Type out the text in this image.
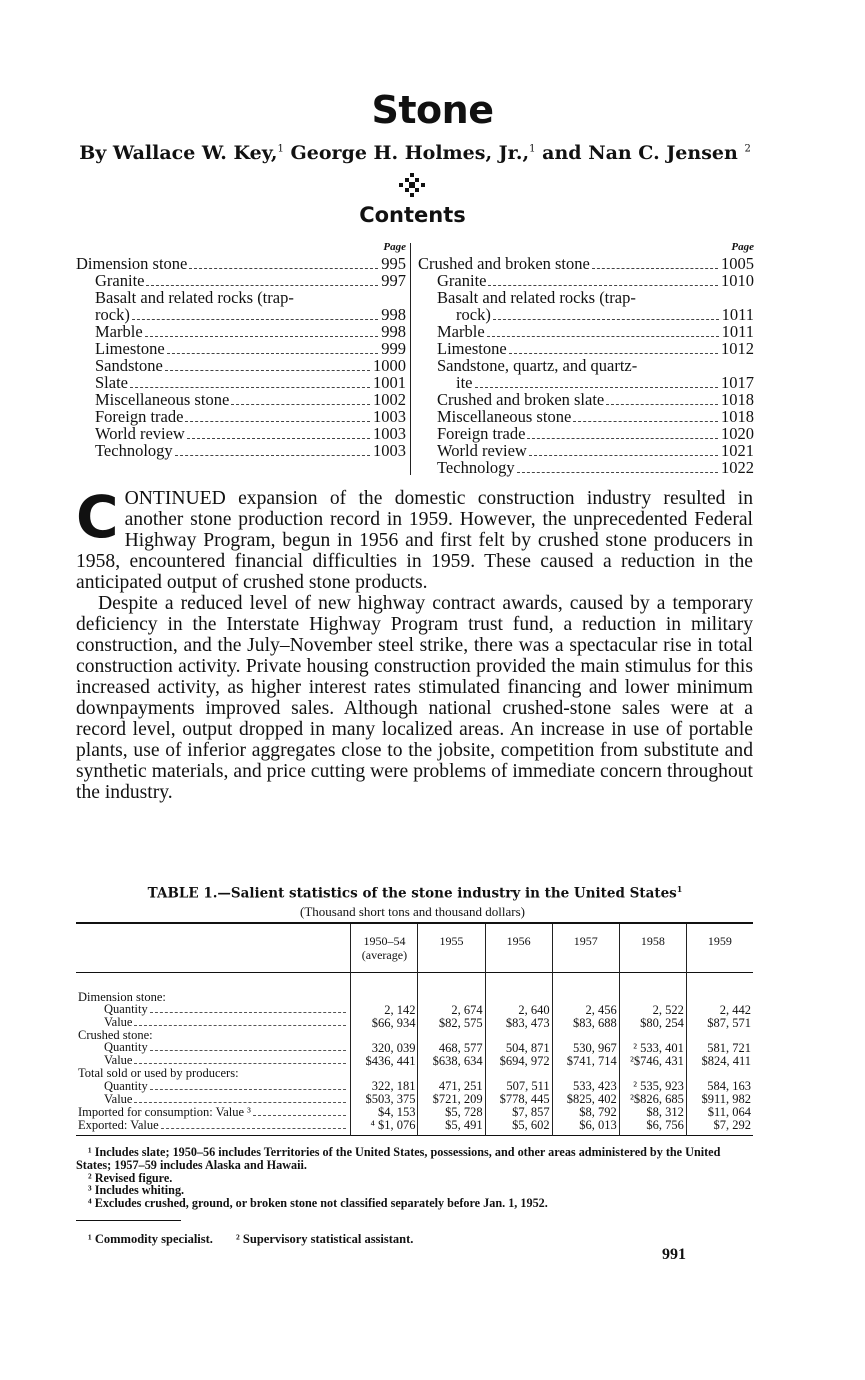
Stone
By Wallace W. Key,$^1$ George H. Holmes, Jr.,$^1$ and Nan C. Jensen $^2$
Contents
Page
Dimension stone	995
Granite	997
Basalt and related rocks (trap-
rock)	998
Marble	998
Limestone	999
Sandstone	1000
Slate	1001
Miscellaneous stone	1002
Foreign trade	1003
World review	1003
Technology	1003
Page
Crushed and broken stone	1005
Granite	1010
Basalt and related rocks (trap-
rock)	1011
Marble	1011
Limestone	1012
Sandstone, quartz, and quartz-
ite	1017
Crushed and broken slate	1018
Miscellaneous stone	1018
Foreign trade	1020
World review	1021
Technology	1022

CONTINUED expansion of the domestic construction industry resulted in another stone production record in 1959. However, the unprecedented Federal Highway Program, begun in 1956 and first felt by crushed stone producers in 1958, encountered financial difficulties in 1959. These caused a reduction in the anticipated output of crushed stone products.

Despite a reduced level of new highway contract awards, caused by a temporary deficiency in the Interstate Highway Program trust fund, a reduction in military construction, and the July–November steel strike, there was a spectacular rise in total construction activity. Private housing construction provided the main stimulus for this increased activity, as higher interest rates stimulated financing and lower minimum downpayments improved sales. Although national crushed-stone sales were at a record level, output dropped in many localized areas. An increase in use of portable plants, use of inferior aggregates close to the jobsite, competition from substitute and synthetic materials, and price cutting were problems of immediate concern throughout the industry.

TABLE 1.—Salient statistics of the stone industry in the United States$^1$
(Thousand short tons and thousand dollars)
	1950–54 (average)	1955	1956	1957	1958	1959

Dimension stone:						

Quantity	2, 142	2, 674	2, 640	2, 456	2, 522	2, 442

Value	$66, 934	$82, 575	$83, 473	$83, 688	$80, 254	$87, 571

Crushed stone:						

Quantity	320, 039	468, 577	504, 871	530, 967	² 533, 401	581, 721

Value	$436, 441	$638, 634	$694, 972	$741, 714	²$746, 431	$824, 411

Total sold or used by producers:						

Quantity	322, 181	471, 251	507, 511	533, 423	² 535, 923	584, 163

Value	$503, 375	$721, 209	$778, 445	$825, 402	²$826, 685	$911, 982

Imported for consumption: Value ³	$4, 153	$5, 728	$7, 857	$8, 792	$8, 312	$11, 064

Exported: Value	⁴ $1, 076	$5, 491	$5, 602	$6, 013	$6, 756	$7, 292
¹ Includes slate; 1950–56 includes Territories of the United States, possessions, and other areas administered by the United States; 1957–59 includes Alaska and Hawaii.
² Revised figure.
³ Includes whiting.
⁴ Excludes crushed, ground, or broken stone not classified separately before Jan. 1, 1952.
¹ Commodity specialist. ² Supervisory statistical assistant.
991
